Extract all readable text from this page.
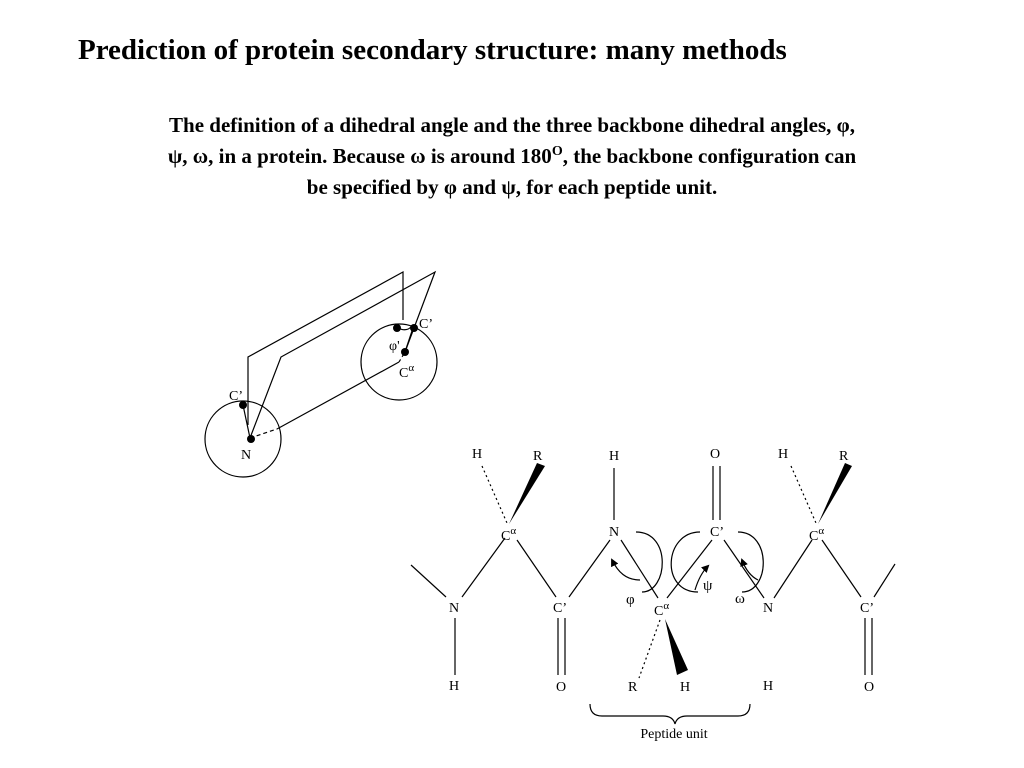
Prediction of protein secondary structure: many methods
The definition of a dihedral angle and the three backbone dihedral angles, φ,
ψ, ω, in a protein. Because ω is around $180^O$, the backbone configuration can
be specified by φ and ψ, for each peptide unit.
C’
N
C’
φ'
$C^\alpha$
H	R	H	O	H	R
$C^\alpha$	N	C’	$C^\alpha$
N	C’	$C^\alpha$	N	C’
H	O	R	H	H	O
φ
ψ
ω
Peptide unit
